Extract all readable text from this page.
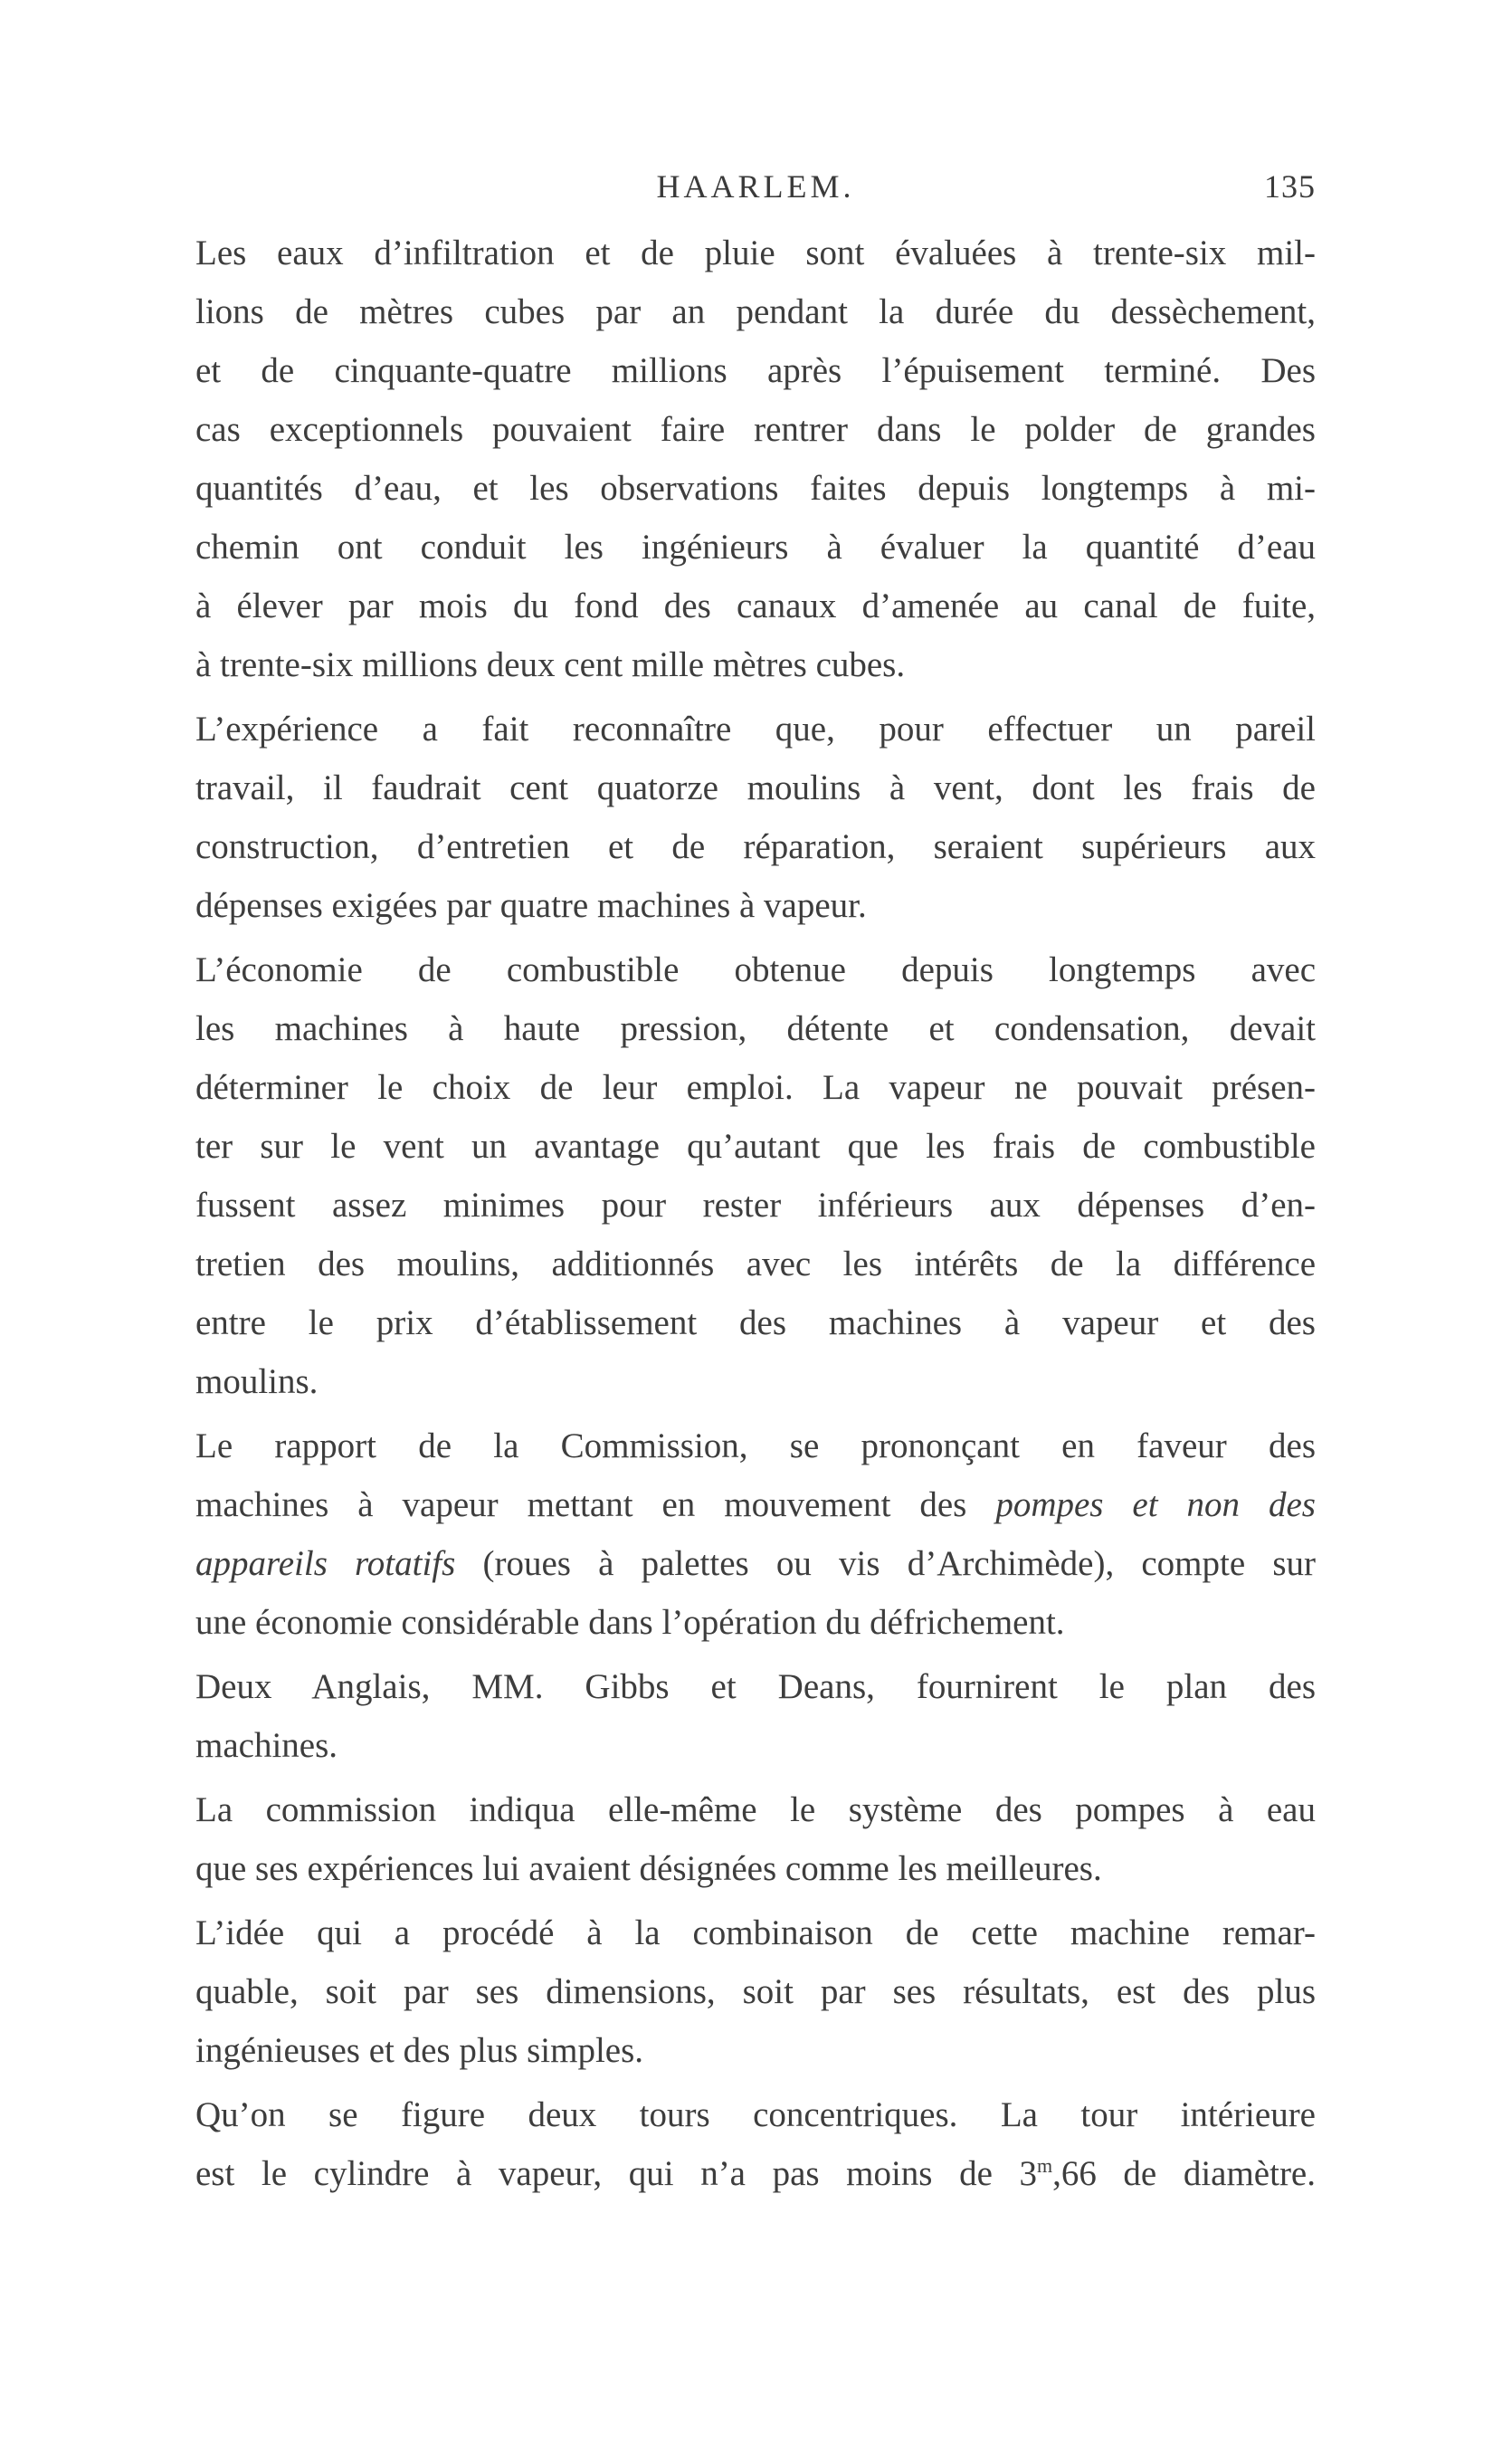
HAARLEM.	135

Les eaux d’infiltration et de pluie sont évaluées à trente-six mil-
lions de mètres cubes par an pendant la durée du dessèchement,
et de cinquante-quatre millions après l’épuisement terminé. Des
cas exceptionnels pouvaient faire rentrer dans le polder de grandes
quantités d’eau, et les observations faites depuis longtemps à mi-
chemin ont conduit les ingénieurs à évaluer la quantité d’eau
à élever par mois du fond des canaux d’amenée au canal de fuite,
à trente-six millions deux cent mille mètres cubes.

L’expérience a fait reconnaître que, pour effectuer un pareil
travail, il faudrait cent quatorze moulins à vent, dont les frais de
construction, d’entretien et de réparation, seraient supérieurs aux
dépenses exigées par quatre machines à vapeur.

L’économie de combustible obtenue depuis longtemps avec
les machines à haute pression, détente et condensation, devait
déterminer le choix de leur emploi. La vapeur ne pouvait présen-
ter sur le vent un avantage qu’autant que les frais de combustible
fussent assez minimes pour rester inférieurs aux dépenses d’en-
tretien des moulins, additionnés avec les intérêts de la différence
entre le prix d’établissement des machines à vapeur et des
moulins.

Le rapport de la Commission, se prononçant en faveur des
machines à vapeur mettant en mouvement des pompes et non des
appareils rotatifs (roues à palettes ou vis d’Archimède), compte sur
une économie considérable dans l’opération du défrichement.

Deux Anglais, MM. Gibbs et Deans, fournirent le plan des
machines.

La commission indiqua elle-même le système des pompes à eau
que ses expériences lui avaient désignées comme les meilleures.

L’idée qui a procédé à la combinaison de cette machine remar-
quable, soit par ses dimensions, soit par ses résultats, est des plus
ingénieuses et des plus simples.

Qu’on se figure deux tours concentriques. La tour intérieure
est le cylindre à vapeur, qui n’a pas moins de 3$^m$,66 de diamètre.
